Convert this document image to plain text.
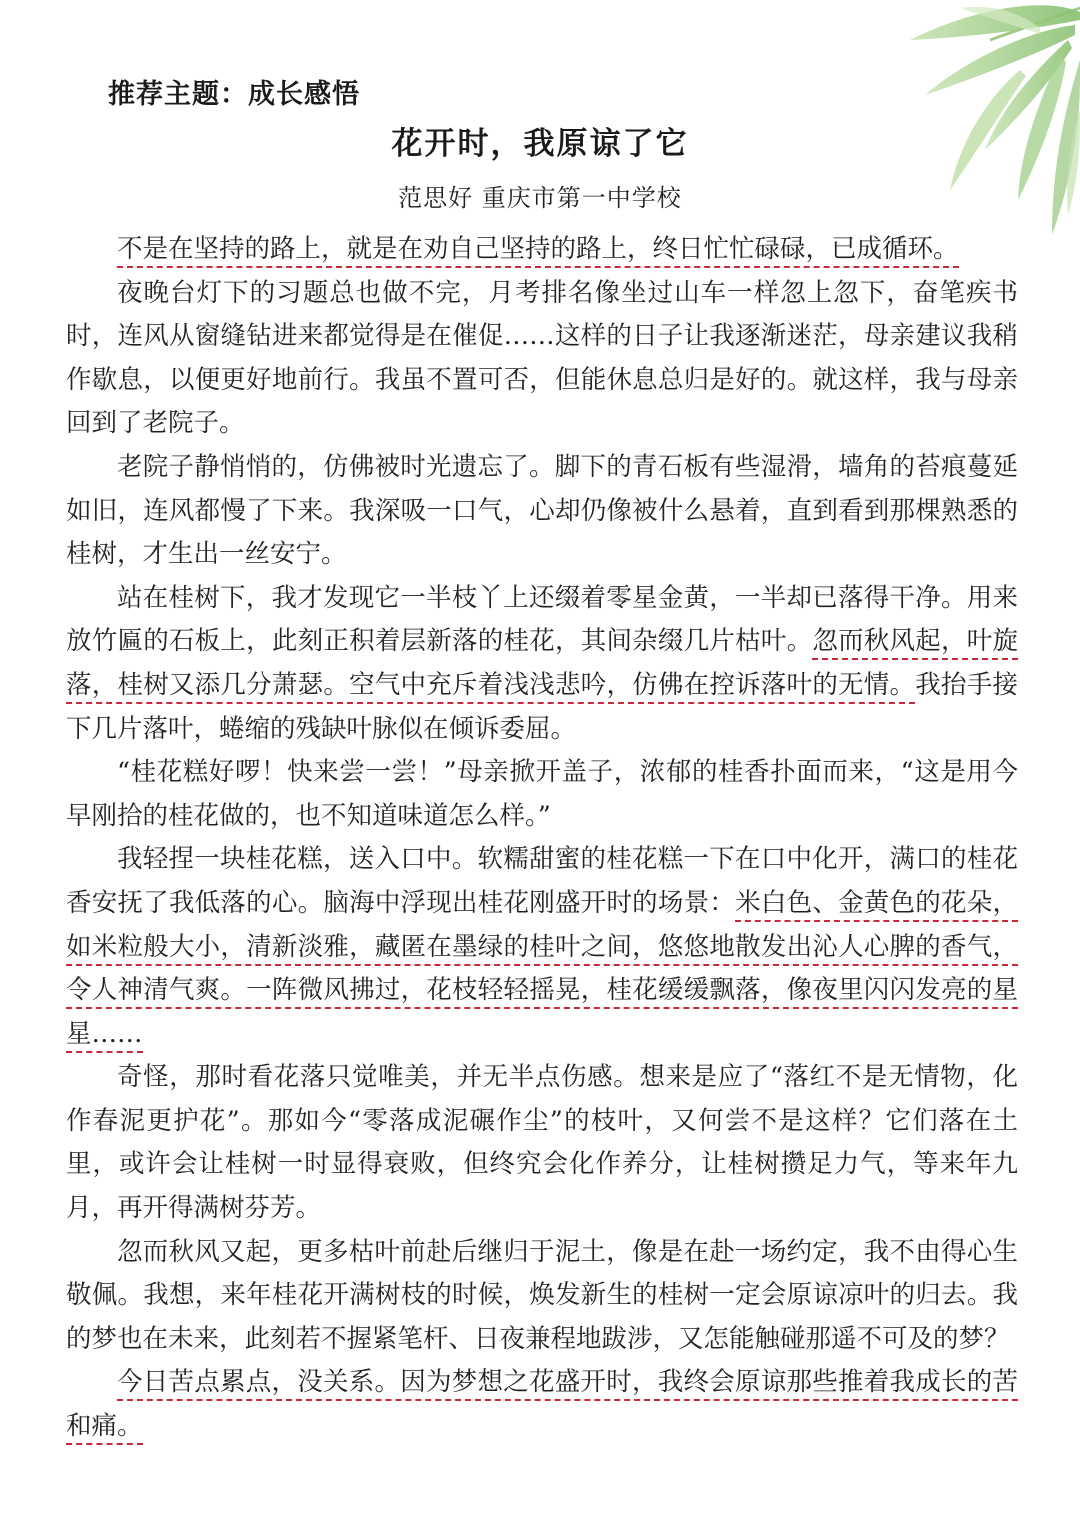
推荐主题：成长感悟
花开时，我原谅了它
范思好 重庆市第一中学校

不是在坚持的路上，就是在劝自己坚持的路上，终日忙忙碌碌，已成循环。

夜晚台灯下的习题总也做不完，月考排名像坐过山车一样忽上忽下，奋笔疾书时，连风从窗缝钻进来都觉得是在催促……这样的日子让我逐渐迷茫，母亲建议我稍作歇息，以便更好地前行。我虽不置可否，但能休息总归是好的。就这样，我与母亲回到了老院子。

老院子静悄悄的，仿佛被时光遗忘了。脚下的青石板有些湿滑，墙角的苔痕蔓延如旧，连风都慢了下来。我深吸一口气，心却仍像被什么悬着，直到看到那棵熟悉的桂树，才生出一丝安宁。

站在桂树下，我才发现它一半枝丫上还缀着零星金黄，一半却已落得干净。用来放竹匾的石板上，此刻正积着层新落的桂花，其间杂缀几片枯叶。忽而秋风起，叶旋落，桂树又添几分萧瑟。空气中充斥着浅浅悲吟，仿佛在控诉落叶的无情。我抬手接下几片落叶，蜷缩的残缺叶脉似在倾诉委屈。

“桂花糕好啰！快来尝一尝！”母亲掀开盖子，浓郁的桂香扑面而来，“这是用今早刚拾的桂花做的，也不知道味道怎么样。”

我轻捏一块桂花糕，送入口中。软糯甜蜜的桂花糕一下在口中化开，满口的桂花香安抚了我低落的心。脑海中浮现出桂花刚盛开时的场景：米白色、金黄色的花朵，如米粒般大小，清新淡雅，藏匿在墨绿的桂叶之间，悠悠地散发出沁人心脾的香气，令人神清气爽。一阵微风拂过，花枝轻轻摇晃，桂花缓缓飘落，像夜里闪闪发亮的星星……

奇怪，那时看花落只觉唯美，并无半点伤感。想来是应了“落红不是无情物，化作春泥更护花”。那如今“零落成泥碾作尘”的枝叶，又何尝不是这样？它们落在土里，或许会让桂树一时显得衰败，但终究会化作养分，让桂树攒足力气，等来年九月，再开得满树芬芳。

忽而秋风又起，更多枯叶前赴后继归于泥土，像是在赴一场约定，我不由得心生敬佩。我想，来年桂花开满树枝的时候，焕发新生的桂树一定会原谅凉叶的归去。我的梦也在未来，此刻若不握紧笔杆、日夜兼程地跋涉，又怎能触碰那遥不可及的梦？

今日苦点累点，没关系。因为梦想之花盛开时，我终会原谅那些推着我成长的苦和痛。
